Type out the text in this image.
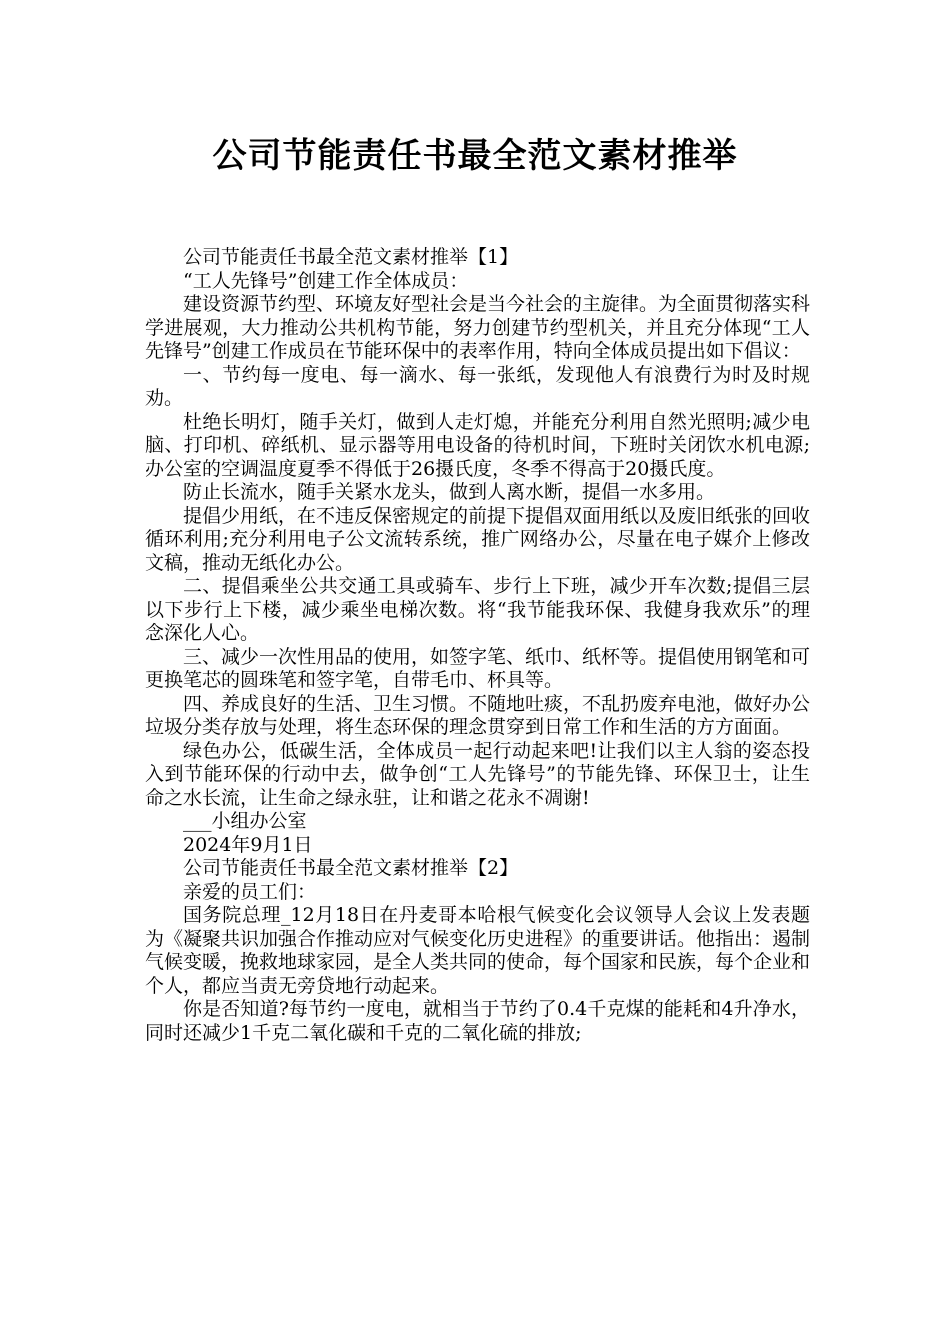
公司节能责任书最全范文素材推举

公司节能责任书最全范文素材推举【1】

“工人先锋号”创建工作全体成员：

建设资源节约型、环境友好型社会是当今社会的主旋律。为全面贯彻落实科学进展观，大力推动公共机构节能，努力创建节约型机关，并且充分体现“工人先锋号”创建工作成员在节能环保中的表率作用，特向全体成员提出如下倡议：

一、节约每一度电、每一滴水、每一张纸，发现他人有浪费行为时及时规劝。

杜绝长明灯，随手关灯，做到人走灯熄，并能充分利用自然光照明;减少电脑、打印机、碎纸机、显示器等用电设备的待机时间，下班时关闭饮水机电源;办公室的空调温度夏季不得低于26摄氏度，冬季不得高于20摄氏度。

防止长流水，随手关紧水龙头，做到人离水断，提倡一水多用。

提倡少用纸，在不违反保密规定的前提下提倡双面用纸以及废旧纸张的回收循环利用;充分利用电子公文流转系统，推广网络办公，尽量在电子媒介上修改文稿，推动无纸化办公。

二、提倡乘坐公共交通工具或骑车、步行上下班，减少开车次数;提倡三层以下步行上下楼，减少乘坐电梯次数。将“我节能我环保、我健身我欢乐”的理念深化人心。

三、减少一次性用品的使用，如签字笔、纸巾、纸杯等。提倡使用钢笔和可更换笔芯的圆珠笔和签字笔，自带毛巾、杯具等。

四、养成良好的生活、卫生习惯。不随地吐痰，不乱扔废弃电池，做好办公垃圾分类存放与处理，将生态环保的理念贯穿到日常工作和生活的方方面面。

绿色办公，低碳生活，全体成员一起行动起来吧!让我们以主人翁的姿态投入到节能环保的行动中去，做争创“工人先锋号”的节能先锋、环保卫士，让生命之水长流，让生命之绿永驻，让和谐之花永不凋谢!

___小组办公室

2024年9月1日

公司节能责任书最全范文素材推举【2】

亲爱的员工们：

国务院总理_12月18日在丹麦哥本哈根气候变化会议领导人会议上发表题为《凝聚共识加强合作推动应对气候变化历史进程》的重要讲话。他指出：遏制气候变暖，挽救地球家园，是全人类共同的使命，每个国家和民族，每个企业和个人，都应当责无旁贷地行动起来。

你是否知道?每节约一度电，就相当于节约了0.4千克煤的能耗和4升净水，同时还减少1千克二氧化碳和千克的二氧化硫的排放;
